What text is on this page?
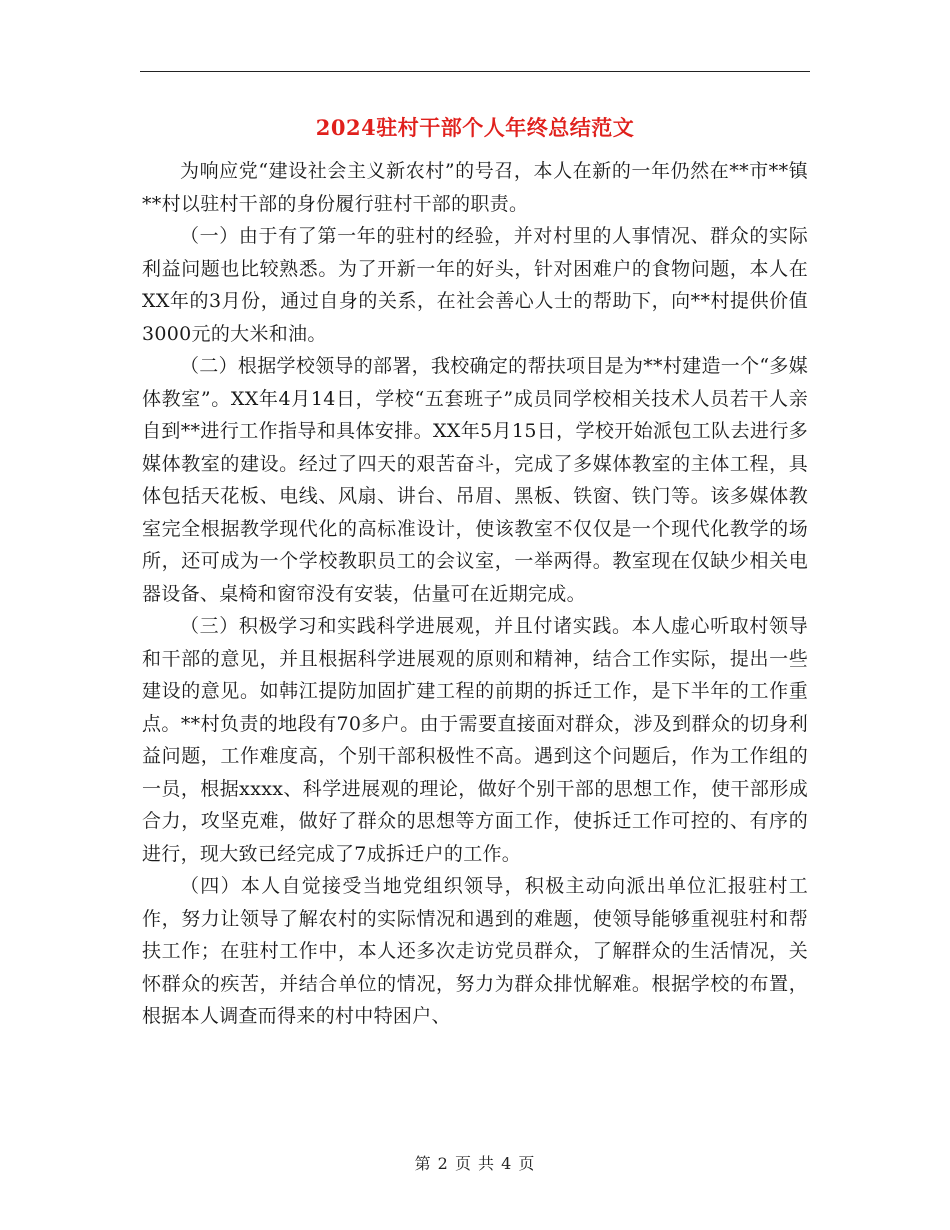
2024驻村干部个人年终总结范文

为响应党“建设社会主义新农村”的号召，本人在新的一年仍然在**市**镇**村以驻村干部的身份履行驻村干部的职责。

（一）由于有了第一年的驻村的经验，并对村里的人事情况、群众的实际利益问题也比较熟悉。为了开新一年的好头，针对困难户的食物问题，本人在XX年的3月份，通过自身的关系，在社会善心人士的帮助下，向**村提供价值3000元的大米和油。

（二）根据学校领导的部署，我校确定的帮扶项目是为**村建造一个“多媒体教室”。XX年4月14日，学校“五套班子”成员同学校相关技术人员若干人亲自到**进行工作指导和具体安排。XX年5月15日，学校开始派包工队去进行多媒体教室的建设。经过了四天的艰苦奋斗，完成了多媒体教室的主体工程，具体包括天花板、电线、风扇、讲台、吊眉、黑板、铁窗、铁门等。该多媒体教室完全根据教学现代化的高标准设计，使该教室不仅仅是一个现代化教学的场所，还可成为一个学校教职员工的会议室，一举两得。教室现在仅缺少相关电器设备、桌椅和窗帘没有安装，估量可在近期完成。

（三）积极学习和实践科学进展观，并且付诸实践。本人虚心听取村领导和干部的意见，并且根据科学进展观的原则和精神，结合工作实际，提出一些建设的意见。如韩江提防加固扩建工程的前期的拆迁工作，是下半年的工作重点。**村负责的地段有70多户。由于需要直接面对群众，涉及到群众的切身利益问题，工作难度高，个别干部积极性不高。遇到这个问题后，作为工作组的一员，根据xxxx、科学进展观的理论，做好个别干部的思想工作，使干部形成合力，攻坚克难，做好了群众的思想等方面工作，使拆迁工作可控的、有序的进行，现大致已经完成了7成拆迁户的工作。

（四）本人自觉接受当地党组织领导，积极主动向派出单位汇报驻村工作，努力让领导了解农村的实际情况和遇到的难题，使领导能够重视驻村和帮扶工作；在驻村工作中，本人还多次走访党员群众，了解群众的生活情况，关怀群众的疾苦，并结合单位的情况，努力为群众排忧解难。根据学校的布置，根据本人调查而得来的村中特困户、

第 2 页 共 4 页
